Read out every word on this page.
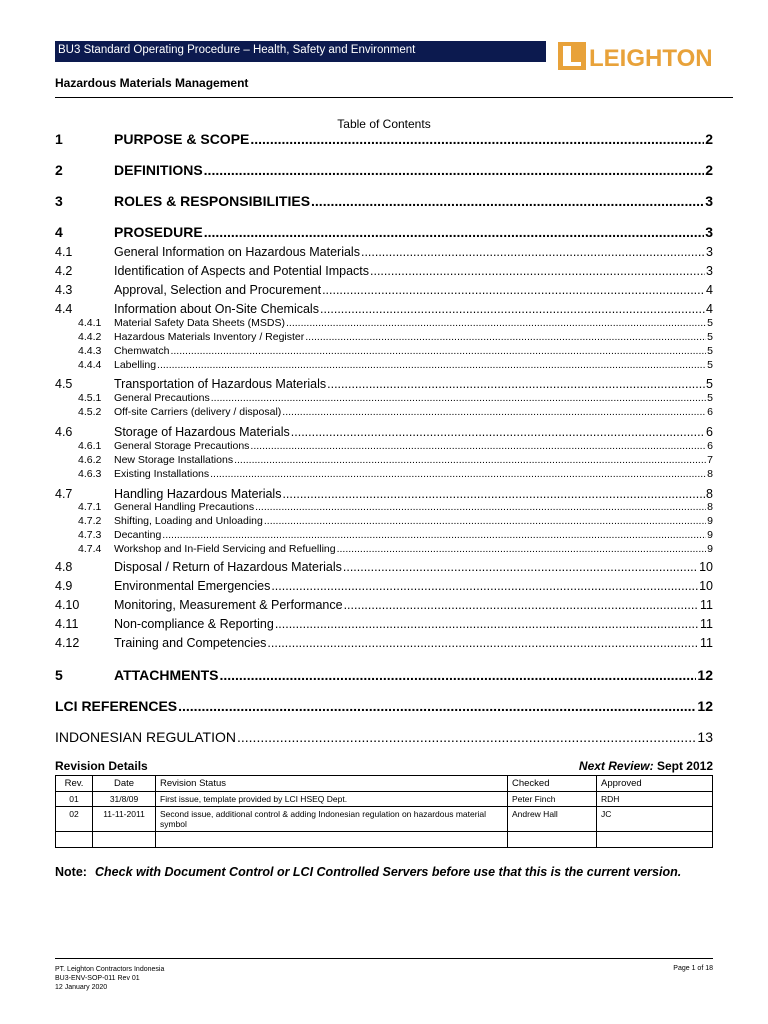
BU3 Standard Operating Procedure – Health, Safety and Environment	LEIGHTON
Hazardous Materials Management
Table of Contents
1	PURPOSE & SCOPE .....	2
2	DEFINITIONS .....	2
3	ROLES & RESPONSIBILITIES .....	3
4	PROSEDURE .....	3
4.1	General Information on Hazardous Materials .....	3
4.2	Identification of Aspects and Potential Impacts .....	3
4.3	Approval, Selection and Procurement .....	4
4.4	Information about On-Site Chemicals .....	4
4.4.1	Material Safety Data Sheets (MSDS) .....	5
4.4.2	Hazardous Materials Inventory / Register .....	5
4.4.3	Chemwatch .....	5
4.4.4	Labelling .....	5
4.5	Transportation of Hazardous Materials .....	5
4.5.1	General Precautions .....	5
4.5.2	Off-site Carriers (delivery / disposal) .....	6
4.6	Storage of Hazardous Materials .....	6
4.6.1	General Storage Precautions .....	6
4.6.2	New Storage Installations .....	7
4.6.3	Existing Installations .....	8
4.7	Handling Hazardous Materials .....	8
4.7.1	General Handling Precautions .....	8
4.7.2	Shifting, Loading and Unloading .....	9
4.7.3	Decanting .....	9
4.7.4	Workshop and In-Field Servicing and Refuelling .....	9
4.8	Disposal / Return of Hazardous Materials .....	10
4.9	Environmental Emergencies .....	10
4.10	Monitoring, Measurement & Performance .....	11
4.11	Non-compliance & Reporting .....	11
4.12	Training and Competencies .....	11
5	ATTACHMENTS .....	12
LCI REFERENCES .....	12
INDONESIAN REGULATION .....	13
Revision Details	Next Review: Sept 2012
Rev.	Date	Revision Status	Checked	Approved
01	31/8/09	First issue, template provided by LCI HSEQ Dept.	Peter Finch	RDH
02	11-11-2011	Second issue, additional control & adding Indonesian regulation on hazardous material symbol	Andrew Hall	JC

Note: Check with Document Control or LCI Controlled Servers before use that this is the current version.
PT. Leighton Contractors Indonesia
BU3-ENV-SOP-011 Rev 01
12 January 2020
Page 1 of 18
